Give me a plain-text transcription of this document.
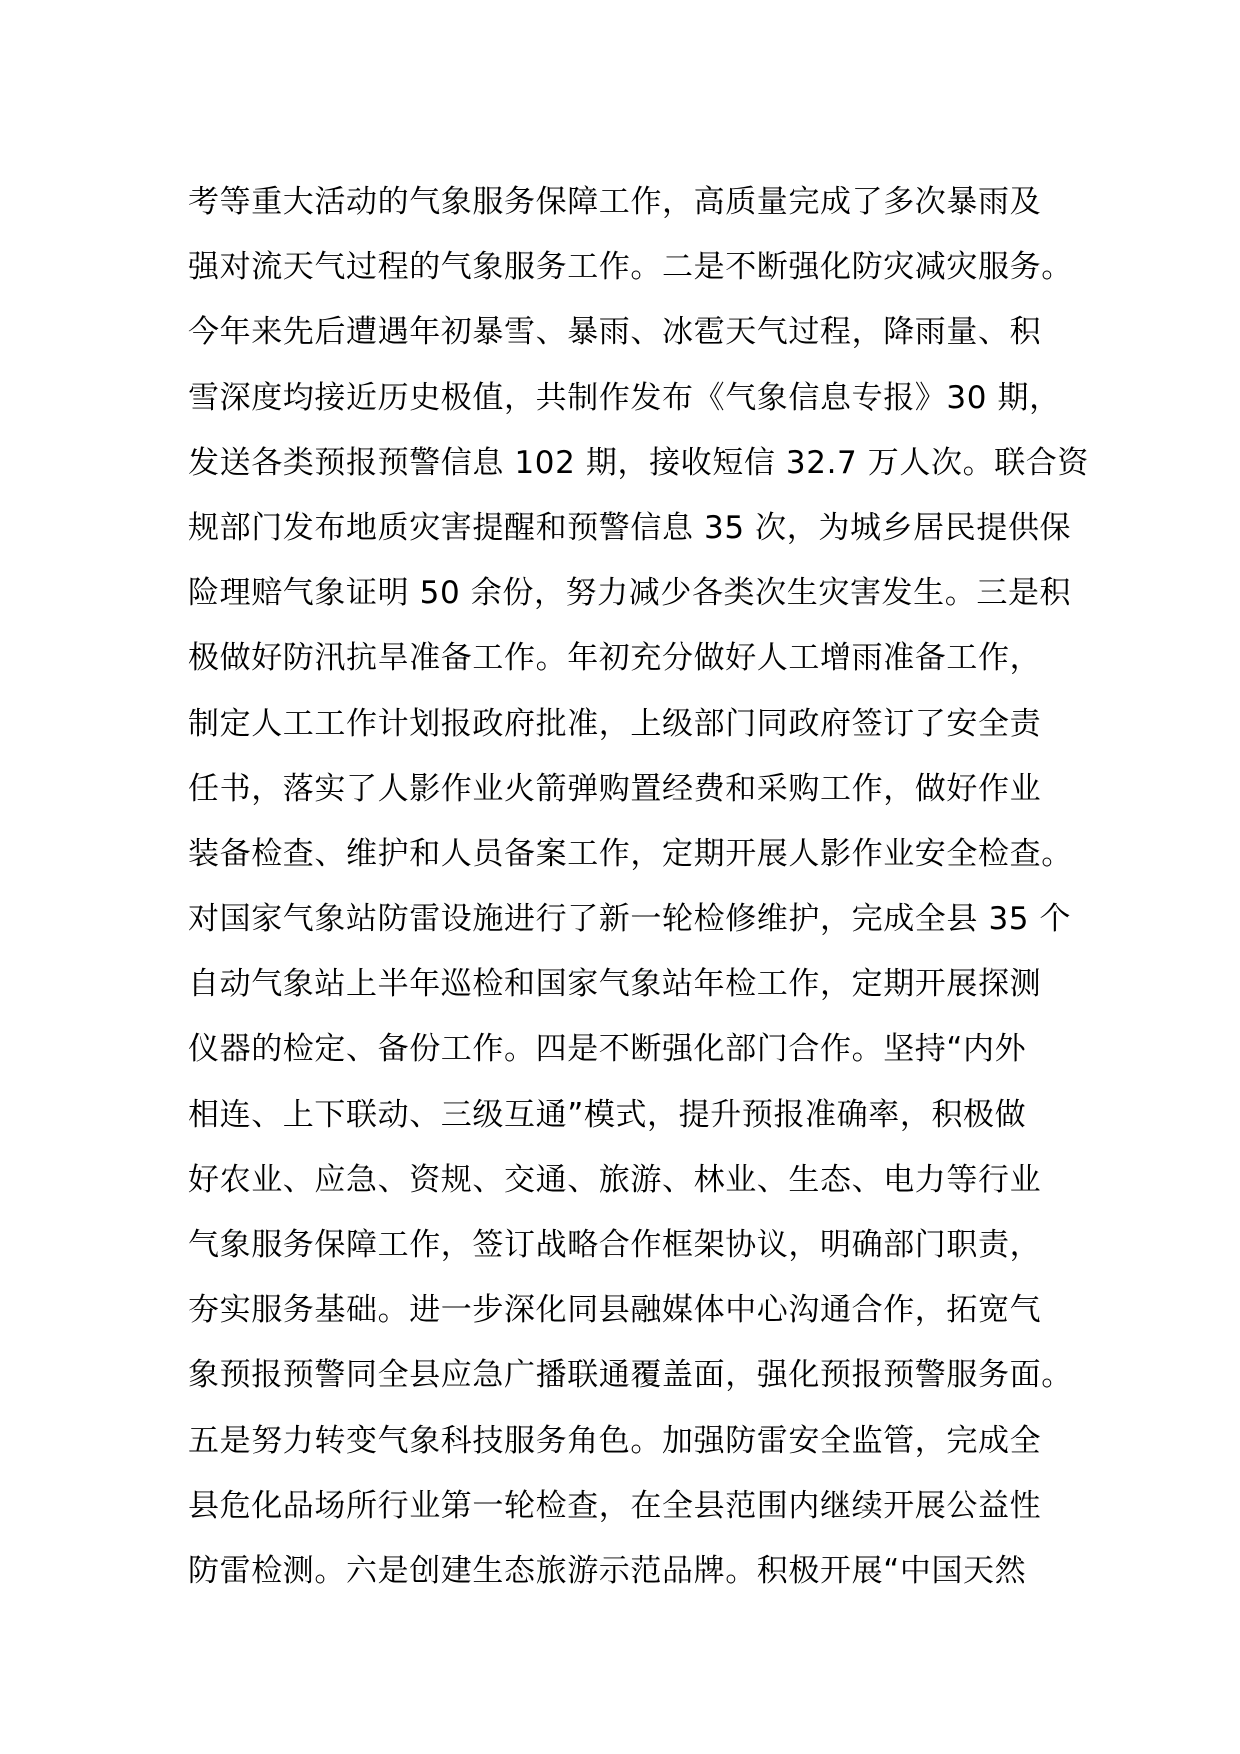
考等重大活动的气象服务保障工作，高质量完成了多次暴雨及
强对流天气过程的气象服务工作。二是不断强化防灾减灾服务。
今年来先后遭遇年初暴雪、暴雨、冰雹天气过程，降雨量、积
雪深度均接近历史极值，共制作发布《气象信息专报》30 期，
发送各类预报预警信息 102 期，接收短信 32.7 万人次。联合资
规部门发布地质灾害提醒和预警信息 35 次，为城乡居民提供保
险理赔气象证明 50 余份，努力减少各类次生灾害发生。三是积
极做好防汛抗旱准备工作。年初充分做好人工增雨准备工作，
制定人工工作计划报政府批准，上级部门同政府签订了安全责
任书，落实了人影作业火箭弹购置经费和采购工作，做好作业
装备检查、维护和人员备案工作，定期开展人影作业安全检查。
对国家气象站防雷设施进行了新一轮检修维护，完成全县 35 个
自动气象站上半年巡检和国家气象站年检工作，定期开展探测
仪器的检定、备份工作。四是不断强化部门合作。坚持“内外
相连、上下联动、三级互通”模式，提升预报准确率，积极做
好农业、应急、资规、交通、旅游、林业、生态、电力等行业
气象服务保障工作，签订战略合作框架协议，明确部门职责，
夯实服务基础。进一步深化同县融媒体中心沟通合作，拓宽气
象预报预警同全县应急广播联通覆盖面，强化预报预警服务面。
五是努力转变气象科技服务角色。加强防雷安全监管，完成全
县危化品场所行业第一轮检查，在全县范围内继续开展公益性
防雷检测。六是创建生态旅游示范品牌。积极开展“中国天然
